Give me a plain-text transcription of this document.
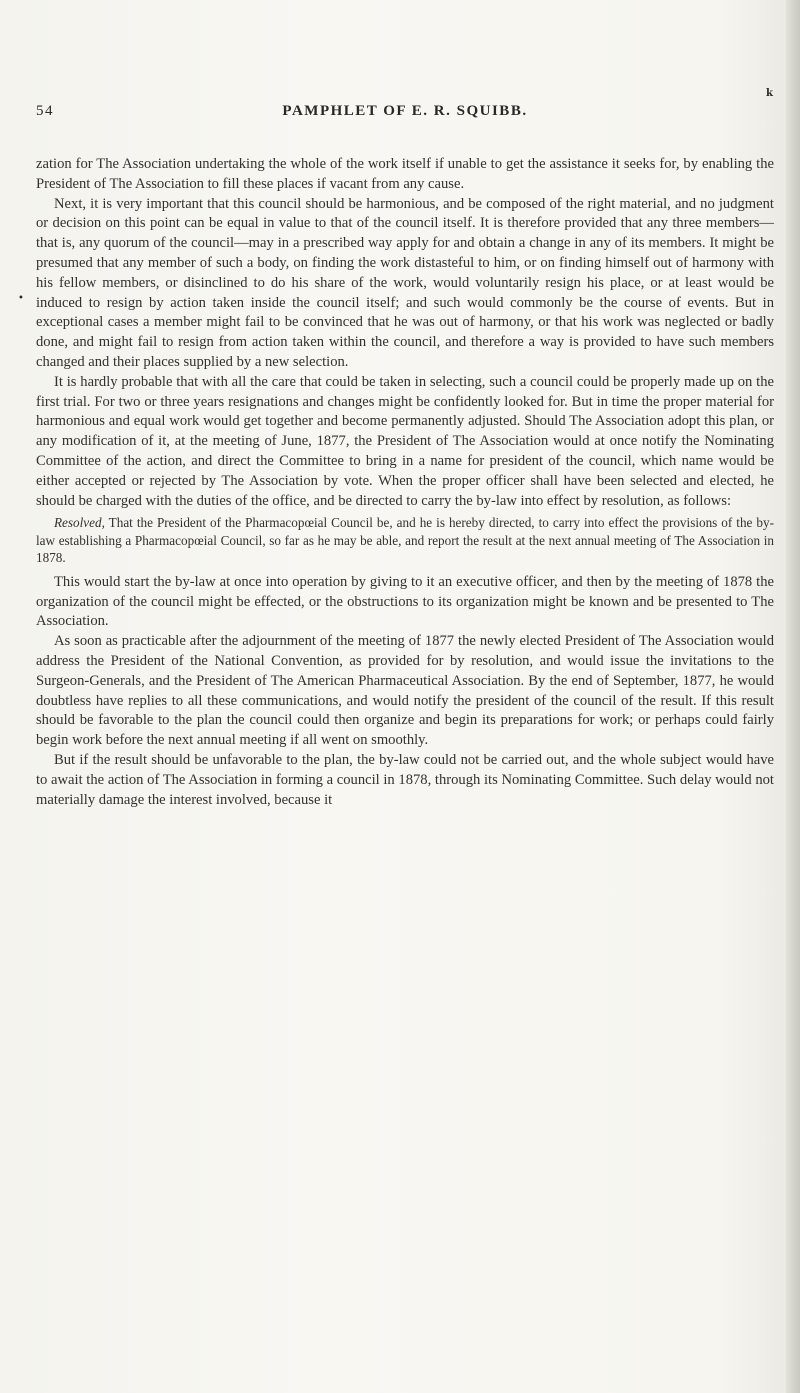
k
•
54	PAMPHLET OF E. R. SQUIBB.

zation for The Association undertaking the whole of the work itself if unable to get the assistance it seeks for, by enabling the President of The Association to fill these places if vacant from any cause.

Next, it is very important that this council should be harmonious, and be composed of the right material, and no judgment or decision on this point can be equal in value to that of the council itself. It is therefore provided that any three members—that is, any quorum of the council—may in a prescribed way apply for and obtain a change in any of its members. It might be presumed that any member of such a body, on finding the work distasteful to him, or on finding himself out of harmony with his fellow members, or disinclined to do his share of the work, would voluntarily resign his place, or at least would be induced to resign by action taken inside the council itself; and such would commonly be the course of events. But in exceptional cases a member might fail to be convinced that he was out of harmony, or that his work was neglected or badly done, and might fail to resign from action taken within the council, and therefore a way is provided to have such members changed and their places supplied by a new selection.

It is hardly probable that with all the care that could be taken in selecting, such a council could be properly made up on the first trial. For two or three years resignations and changes might be confidently looked for. But in time the proper material for harmonious and equal work would get together and become permanently adjusted. Should The Association adopt this plan, or any modification of it, at the meeting of June, 1877, the President of The Association would at once notify the Nominating Committee of the action, and direct the Committee to bring in a name for president of the council, which name would be either accepted or rejected by The Association by vote. When the proper officer shall have been selected and elected, he should be charged with the duties of the office, and be directed to carry the by-law into effect by resolution, as follows:

Resolved, That the President of the Pharmacopœial Council be, and he is hereby directed, to carry into effect the provisions of the by-law establishing a Pharmacopœial Council, so far as he may be able, and report the result at the next annual meeting of The Association in 1878.

This would start the by-law at once into operation by giving to it an executive officer, and then by the meeting of 1878 the organization of the council might be effected, or the obstructions to its organization might be known and be presented to The Association.

As soon as practicable after the adjournment of the meeting of 1877 the newly elected President of The Association would address the President of the National Convention, as provided for by resolution, and would issue the invitations to the Surgeon-Generals, and the President of The American Pharmaceutical Association. By the end of September, 1877, he would doubtless have replies to all these communications, and would notify the president of the council of the result. If this result should be favorable to the plan the council could then organize and begin its preparations for work; or perhaps could fairly begin work before the next annual meeting if all went on smoothly.

But if the result should be unfavorable to the plan, the by-law could not be carried out, and the whole subject would have to await the action of The Association in forming a council in 1878, through its Nominating Committee. Such delay would not materially damage the interest involved, because it
